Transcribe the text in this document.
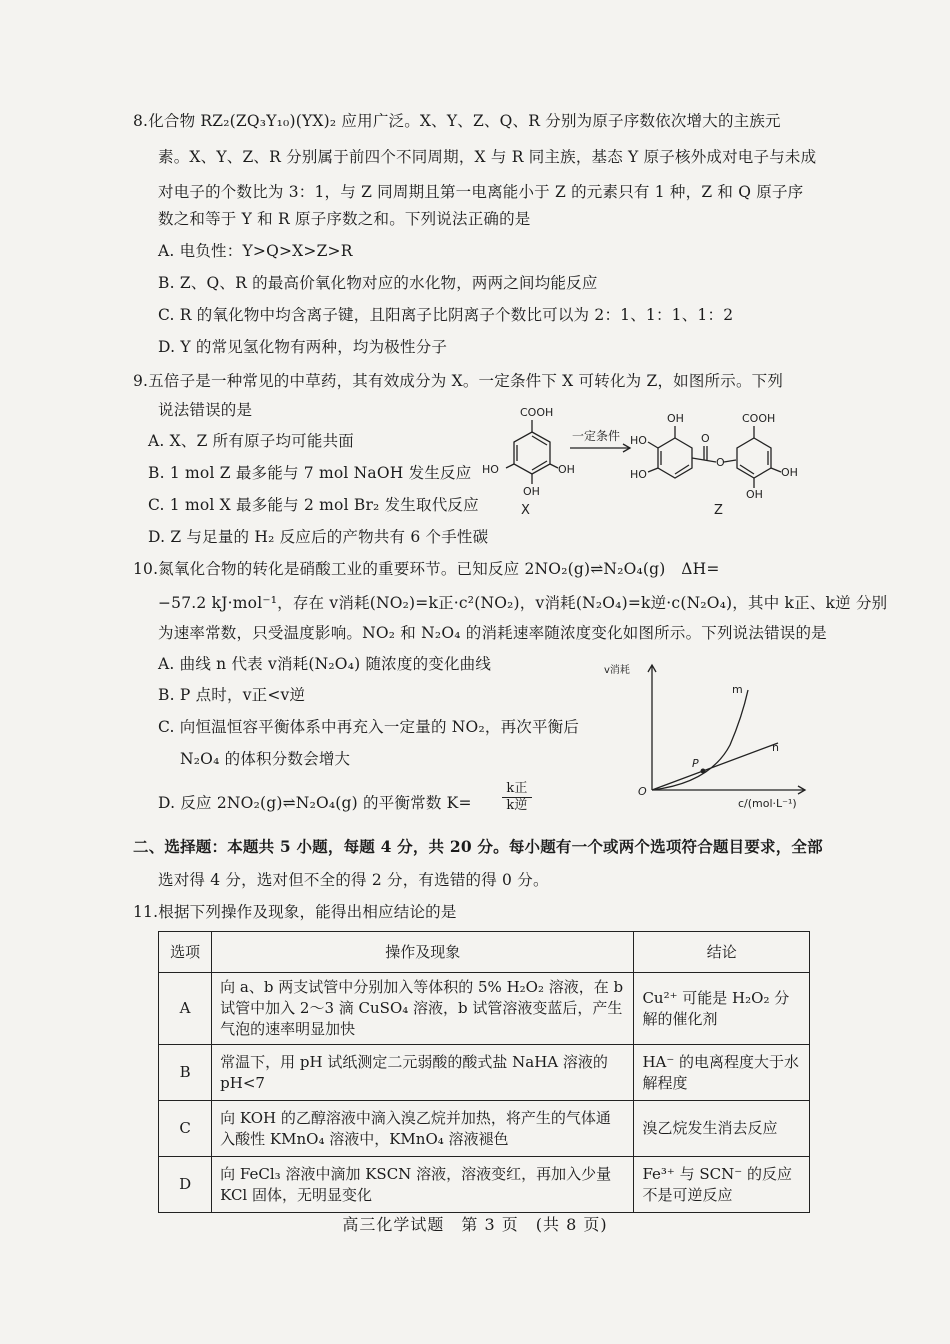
8.化合物 RZ₂(ZQ₃Y₁₀)(YX)₂ 应用广泛。X、Y、Z、Q、R 分别为原子序数依次增大的主族元
素。X、Y、Z、R 分别属于前四个不同周期，X 与 R 同主族，基态 Y 原子核外成对电子与未成
对电子的个数比为 3：1，与 Z 同周期且第一电离能小于 Z 的元素只有 1 种，Z 和 Q 原子序
数之和等于 Y 和 R 原子序数之和。下列说法正确的是
A. 电负性：Y>Q>X>Z>R
B. Z、Q、R 的最高价氧化物对应的水化物，两两之间均能反应
C. R 的氧化物中均含离子键，且阳离子比阴离子个数比可以为 2：1、1：1、1：2
D. Y 的常见氢化物有两种，均为极性分子
9.五倍子是一种常见的中草药，其有效成分为 X。一定条件下 X 可转化为 Z，如图所示。下列
说法错误的是
A. X、Z 所有原子均可能共面
B. 1 mol Z 最多能与 7 mol NaOH 发生反应
C. 1 mol X 最多能与 2 mol Br₂ 发生取代反应
D. Z 与足量的 H₂ 反应后的产物共有 6 个手性碳
COOH
OH
HO
OH
一定条件
OH
HO
HO
O
O
COOH
OH
OH
X	Z
10.氮氧化合物的转化是硝酸工业的重要环节。已知反应 2NO₂(g)⇌N₂O₄(g)　ΔH=
−57.2 kJ·mol⁻¹，存在 v消耗(NO₂)=k正·c²(NO₂)，v消耗(N₂O₄)=k逆·c(N₂O₄)，其中 k正、k逆 分别
为速率常数，只受温度影响。NO₂ 和 N₂O₄ 的消耗速率随浓度变化如图所示。下列说法错误的是
A. 曲线 n 代表 v消耗(N₂O₄) 随浓度的变化曲线
B. P 点时，v正<v逆
C. 向恒温恒容平衡体系中再充入一定量的 NO₂，再次平衡后
N₂O₄ 的体积分数会增大
D. 反应 2NO₂(g)⇌N₂O₄(g) 的平衡常数 K=
k正
k逆
v消耗
c/(mol·L⁻¹)
O
m
n
P
二、选择题：本题共 5 小题，每题 4 分，共 20 分。每小题有一个或两个选项符合题目要求，全部
选对得 4 分，选对但不全的得 2 分，有选错的得 0 分。
11.根据下列操作及现象，能得出相应结论的是
选项	操作及现象	结论
A	向 a、b 两支试管中分别加入等体积的 5% H₂O₂ 溶液，在 b 试管中加入 2～3 滴 CuSO₄ 溶液，b 试管溶液变蓝后，产生气泡的速率明显加快	Cu²⁺ 可能是 H₂O₂ 分解的催化剂
B	常温下，用 pH 试纸测定二元弱酸的酸式盐 NaHA 溶液的 pH<7	HA⁻ 的电离程度大于水解程度
C	向 KOH 的乙醇溶液中滴入溴乙烷并加热，将产生的气体通入酸性 KMnO₄ 溶液中，KMnO₄ 溶液褪色	溴乙烷发生消去反应
D	向 FeCl₃ 溶液中滴加 KSCN 溶液，溶液变红，再加入少量 KCl 固体，无明显变化	Fe³⁺ 与 SCN⁻ 的反应不是可逆反应
高三化学试题　第 3 页　(共 8 页)
